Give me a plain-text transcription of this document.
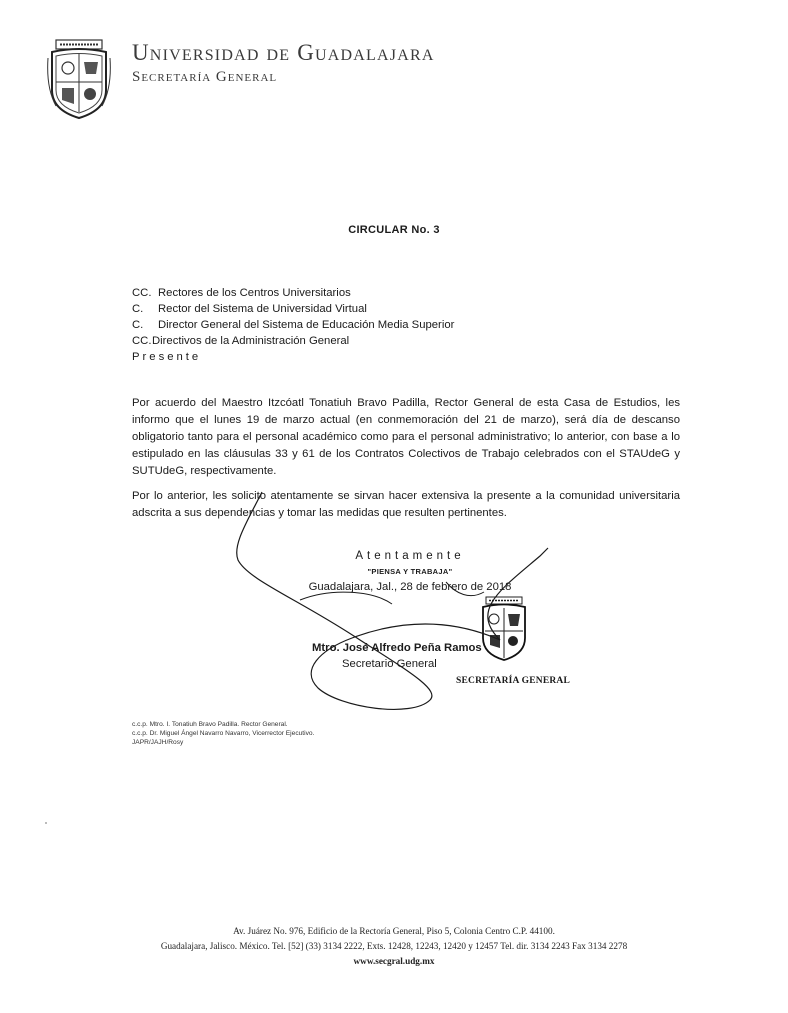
Universidad de Guadalajara
Secretaría General
CIRCULAR No. 3
CC. Rectores de los Centros Universitarios
C. Rector del Sistema de Universidad Virtual
C. Director General del Sistema de Educación Media Superior
CC.Directivos de la Administración General
Presente
Por acuerdo del Maestro Itzcóatl Tonatiuh Bravo Padilla, Rector General de esta Casa de Estudios, les informo que el lunes 19 de marzo actual (en conmemoración del 21 de marzo), será día de descanso obligatorio tanto para el personal académico como para el personal administrativo; lo anterior, con base a lo estipulado en las cláusulas 33 y 61 de los Contratos Colectivos de Trabajo celebrados con el STAUdeG y SUTUdeG, respectivamente.
Por lo anterior, les solicito atentamente se sirvan hacer extensiva la presente a la comunidad universitaria adscrita a sus dependencias y tomar las medidas que resulten pertinentes.
Atentamente
"PIENSA Y TRABAJA"
Guadalajara, Jal., 28 de febrero de 2018
Mtro. José Alfredo Peña Ramos
Secretario General
SECRETARÍA GENERAL
c.c.p. Mtro. I. Tonatiuh Bravo Padilla. Rector General.
c.c.p. Dr. Miguel Ángel Navarro Navarro, Vicerrector Ejecutivo.
JAPR/JAJH/Rosy
Av. Juárez No. 976, Edificio de la Rectoría General, Piso 5, Colonia Centro C.P. 44100.
Guadalajara, Jalisco. México. Tel. [52] (33) 3134 2222, Exts. 12428, 12243, 12420 y 12457 Tel. dir. 3134 2243 Fax 3134 2278
www.secgral.udg.mx
